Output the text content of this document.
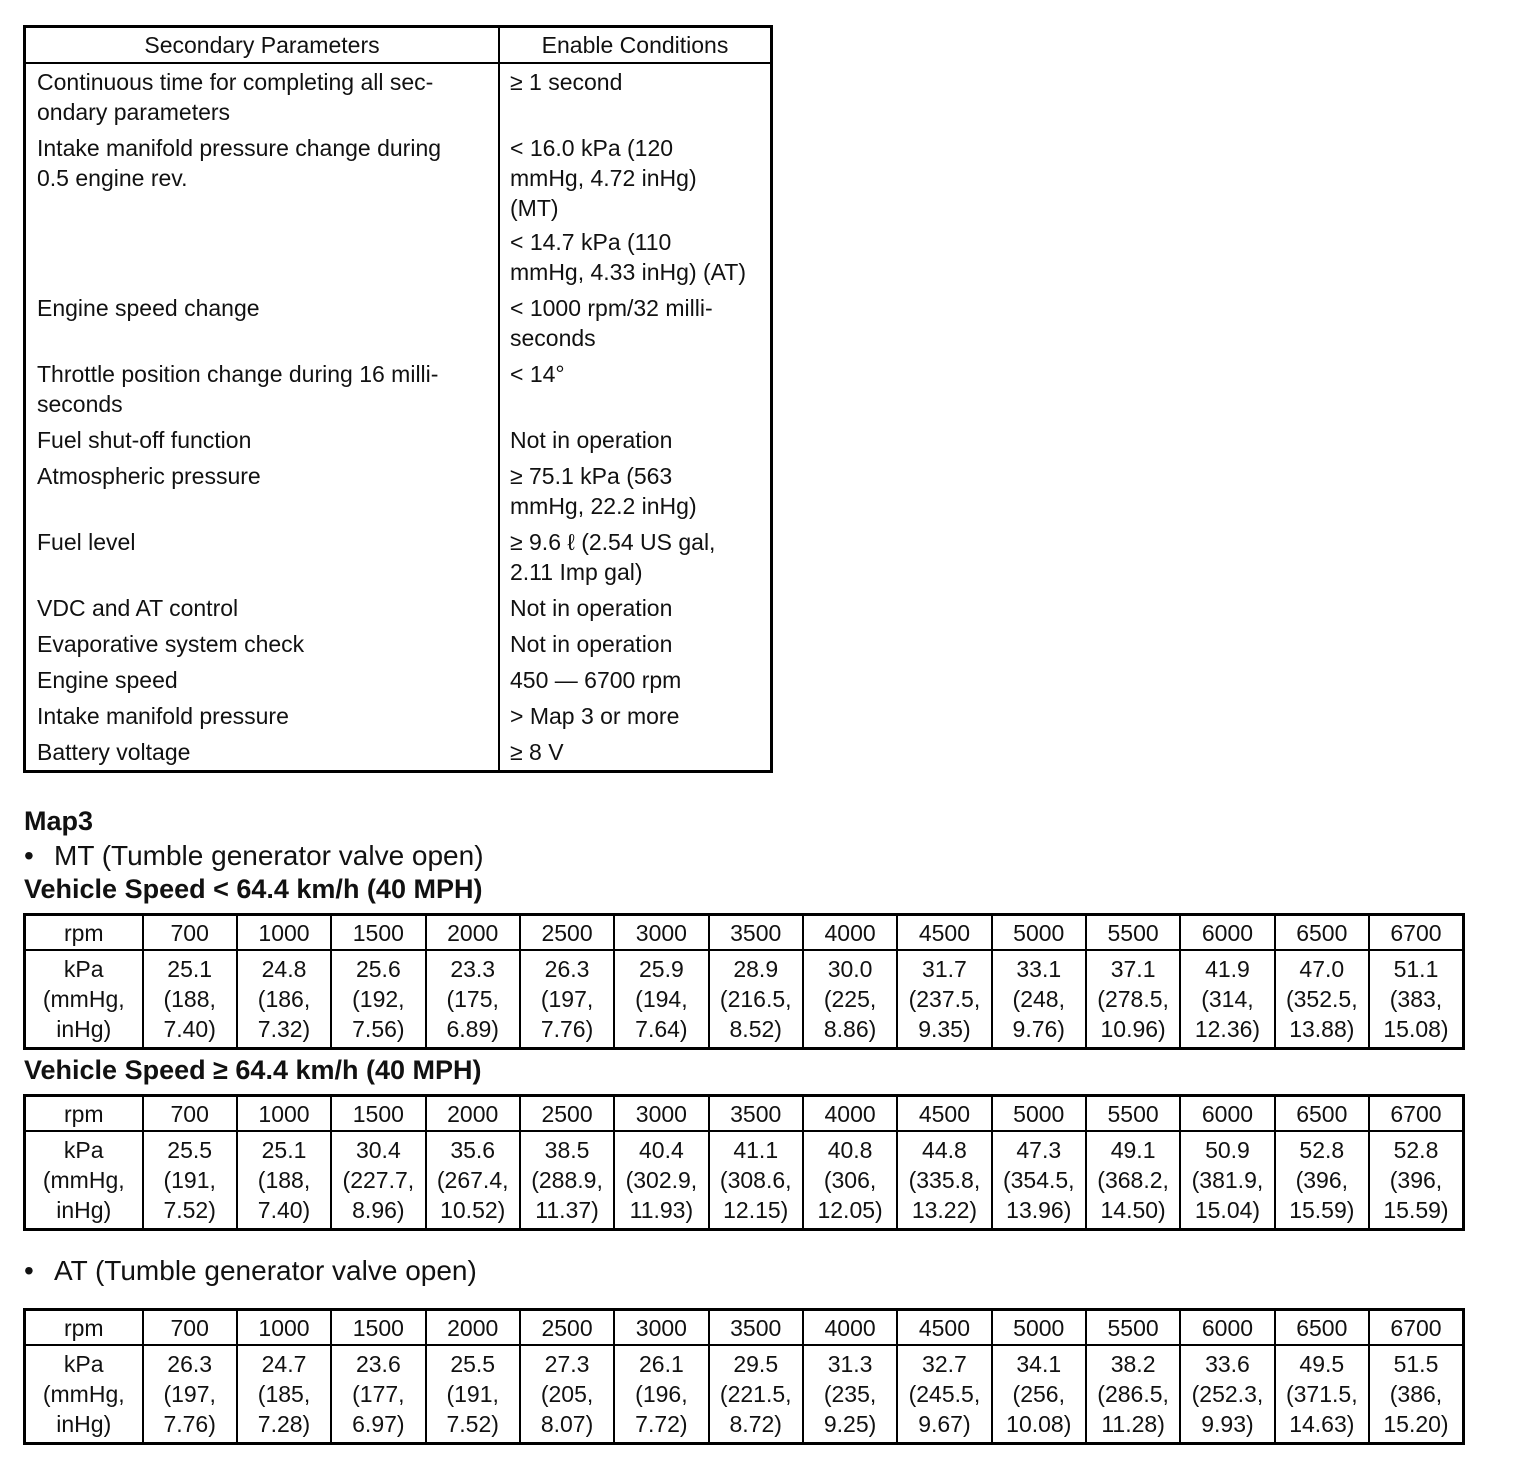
Secondary Parameters	Enable Conditions

Continuous time for completing all sec-
ondary parameters	≥ 1 second

Intake manifold pressure change during
0.5 engine rev.	< 16.0 kPa (120
mmHg, 4.72 inHg)
(MT)
< 14.7 kPa (110
mmHg, 4.33 inHg) (AT)

Engine speed change	< 1000 rpm/32 milli-
seconds

Throttle position change during 16 milli-
seconds	< 14°

Fuel shut-off function	Not in operation

Atmospheric pressure	≥ 75.1 kPa (563
mmHg, 22.2 inHg)

Fuel level	≥ 9.6 ℓ (2.54 US gal,
2.11 Imp gal)

VDC and AT control	Not in operation

Evaporative system check	Not in operation

Engine speed	450 — 6700 rpm

Intake manifold pressure	> Map 3 or more

Battery voltage	≥ 8 V
Map3
• MT (Tumble generator valve open)
Vehicle Speed < 64.4 km/h (40 MPH)
rpm	700	1000	1500	2000	2500	3000	3500	4000	4500	5000	5500	6000	6500	6700

kPa
(mmHg,
inHg)	25.1
(188,
7.40)	24.8
(186,
7.32)	25.6
(192,
7.56)	23.3
(175,
6.89)	26.3
(197,
7.76)	25.9
(194,
7.64)	28.9
(216.5,
8.52)	30.0
(225,
8.86)	31.7
(237.5,
9.35)	33.1
(248,
9.76)	37.1
(278.5,
10.96)	41.9
(314,
12.36)	47.0
(352.5,
13.88)	51.1
(383,
15.08)
Vehicle Speed ≥ 64.4 km/h (40 MPH)
rpm	700	1000	1500	2000	2500	3000	3500	4000	4500	5000	5500	6000	6500	6700

kPa
(mmHg,
inHg)	25.5
(191,
7.52)	25.1
(188,
7.40)	30.4
(227.7,
8.96)	35.6
(267.4,
10.52)	38.5
(288.9,
11.37)	40.4
(302.9,
11.93)	41.1
(308.6,
12.15)	40.8
(306,
12.05)	44.8
(335.8,
13.22)	47.3
(354.5,
13.96)	49.1
(368.2,
14.50)	50.9
(381.9,
15.04)	52.8
(396,
15.59)	52.8
(396,
15.59)
• AT (Tumble generator valve open)
rpm	700	1000	1500	2000	2500	3000	3500	4000	4500	5000	5500	6000	6500	6700

kPa
(mmHg,
inHg)	26.3
(197,
7.76)	24.7
(185,
7.28)	23.6
(177,
6.97)	25.5
(191,
7.52)	27.3
(205,
8.07)	26.1
(196,
7.72)	29.5
(221.5,
8.72)	31.3
(235,
9.25)	32.7
(245.5,
9.67)	34.1
(256,
10.08)	38.2
(286.5,
11.28)	33.6
(252.3,
9.93)	49.5
(371.5,
14.63)	51.5
(386,
15.20)
